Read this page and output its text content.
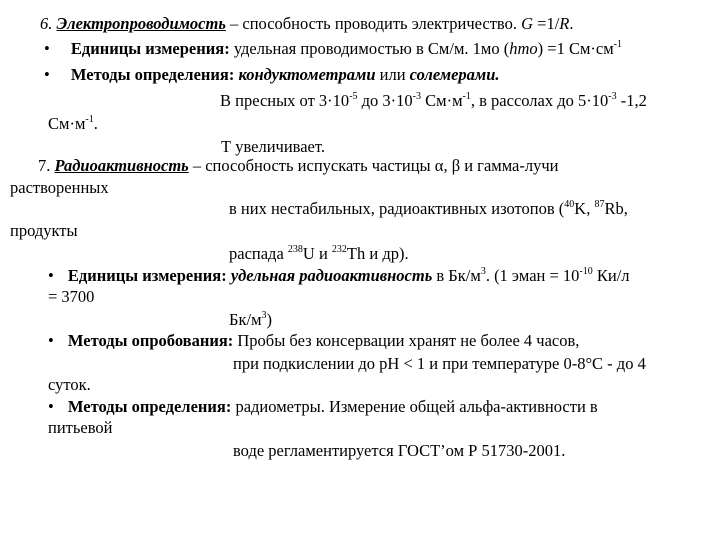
6. Электропроводимость – способность проводить электричество. G =1/R.
• Единицы измерения: удельная проводимостью в См/м. 1мо (hmo) =1 $См\cdot см^{-1}$
• Методы определения: кондуктометрами или солемерами.
В пресных от $3\cdot 10^{-5}$ до $3\cdot 10^{-3}$ $См\cdot м^{-1}$, в рассолах до $5\cdot 10^{-3}$ -1,2
$См\cdot м^{-1}$.
Т увеличивает.
7. Радиоактивность – способность испускать частицы α, β и гамма-лучи
растворенных
в них нестабильных, радиоактивных изотопов ($^{40}$K, $^{87}$Rb,
продукты
распада $^{238}$U и $^{232}$Th и др).
• Единицы измерения: удельная радиоактивность в $Бк/м^3$. (1 эман = $10^{-10}$ Ки/л
= 3700
$Бк/м^3$)
• Методы опробования: Пробы без консервации хранят не более 4 часов,
при подкислении до рН < 1 и при температуре 0-8°С - до 4
суток.
• Методы определения: радиометры. Измерение общей альфа-активности в
питьевой
воде регламентируется ГОСТ’ом Р 51730-2001.
